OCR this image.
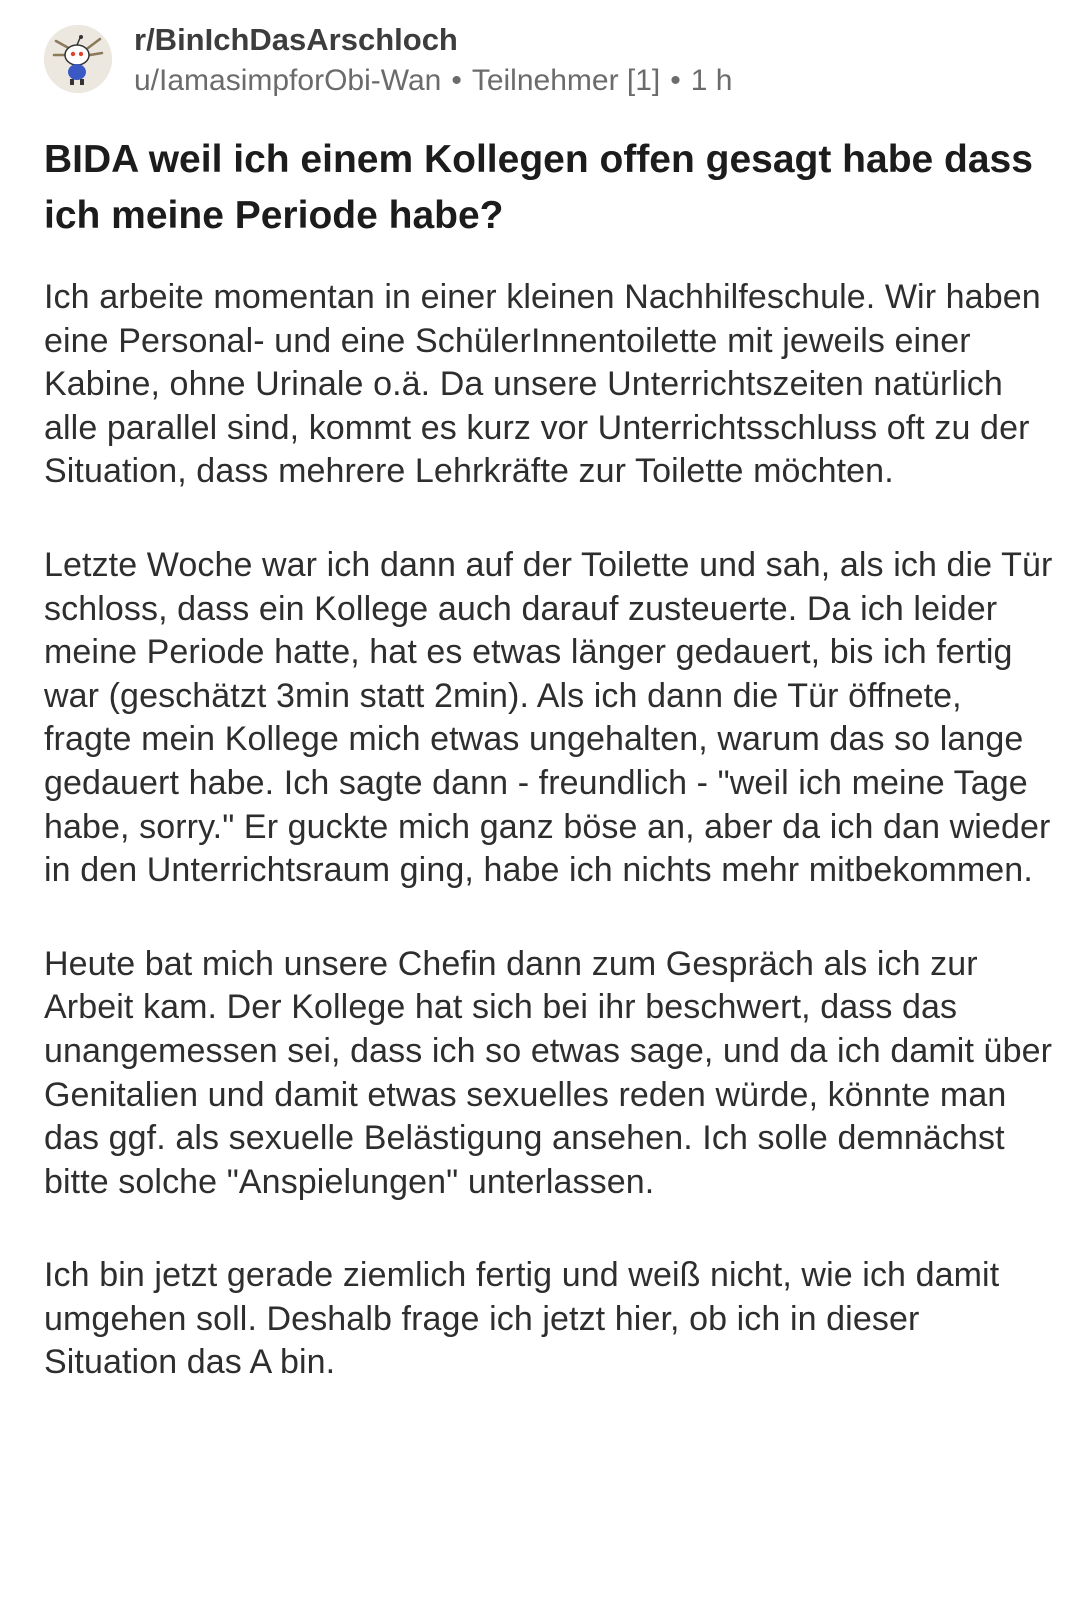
r/BinIchDasArschloch
u/IamasimpforObi-Wan • Teilnehmer [1] • 1 h
BIDA weil ich einem Kollegen offen gesagt habe dass ich meine Periode habe?

Ich arbeite momentan in einer kleinen Nachhilfeschule. Wir haben eine Personal- und eine SchülerInnentoilette mit jeweils einer Kabine, ohne Urinale o.ä. Da unsere Unterrichtszeiten natürlich alle parallel sind, kommt es kurz vor Unterrichtsschluss oft zu der Situation, dass mehrere Lehrkräfte zur Toilette möchten.

Letzte Woche war ich dann auf der Toilette und sah, als ich die Tür schloss, dass ein Kollege auch darauf zusteuerte. Da ich leider meine Periode hatte, hat es etwas länger gedauert, bis ich fertig war (geschätzt 3min statt 2min). Als ich dann die Tür öffnete, fragte mein Kollege mich etwas ungehalten, warum das so lange gedauert habe. Ich sagte dann - freundlich - "weil ich meine Tage habe, sorry." Er guckte mich ganz böse an, aber da ich dan wieder in den Unterrichtsraum ging, habe ich nichts mehr mitbekommen.

Heute bat mich unsere Chefin dann zum Gespräch als ich zur Arbeit kam. Der Kollege hat sich bei ihr beschwert, dass das unangemessen sei, dass ich so etwas sage, und da ich damit über Genitalien und damit etwas sexuelles reden würde, könnte man das ggf. als sexuelle Belästigung ansehen. Ich solle demnächst bitte solche "Anspielungen" unterlassen.

Ich bin jetzt gerade ziemlich fertig und weiß nicht, wie ich damit umgehen soll. Deshalb frage ich jetzt hier, ob ich in dieser Situation das A bin.
